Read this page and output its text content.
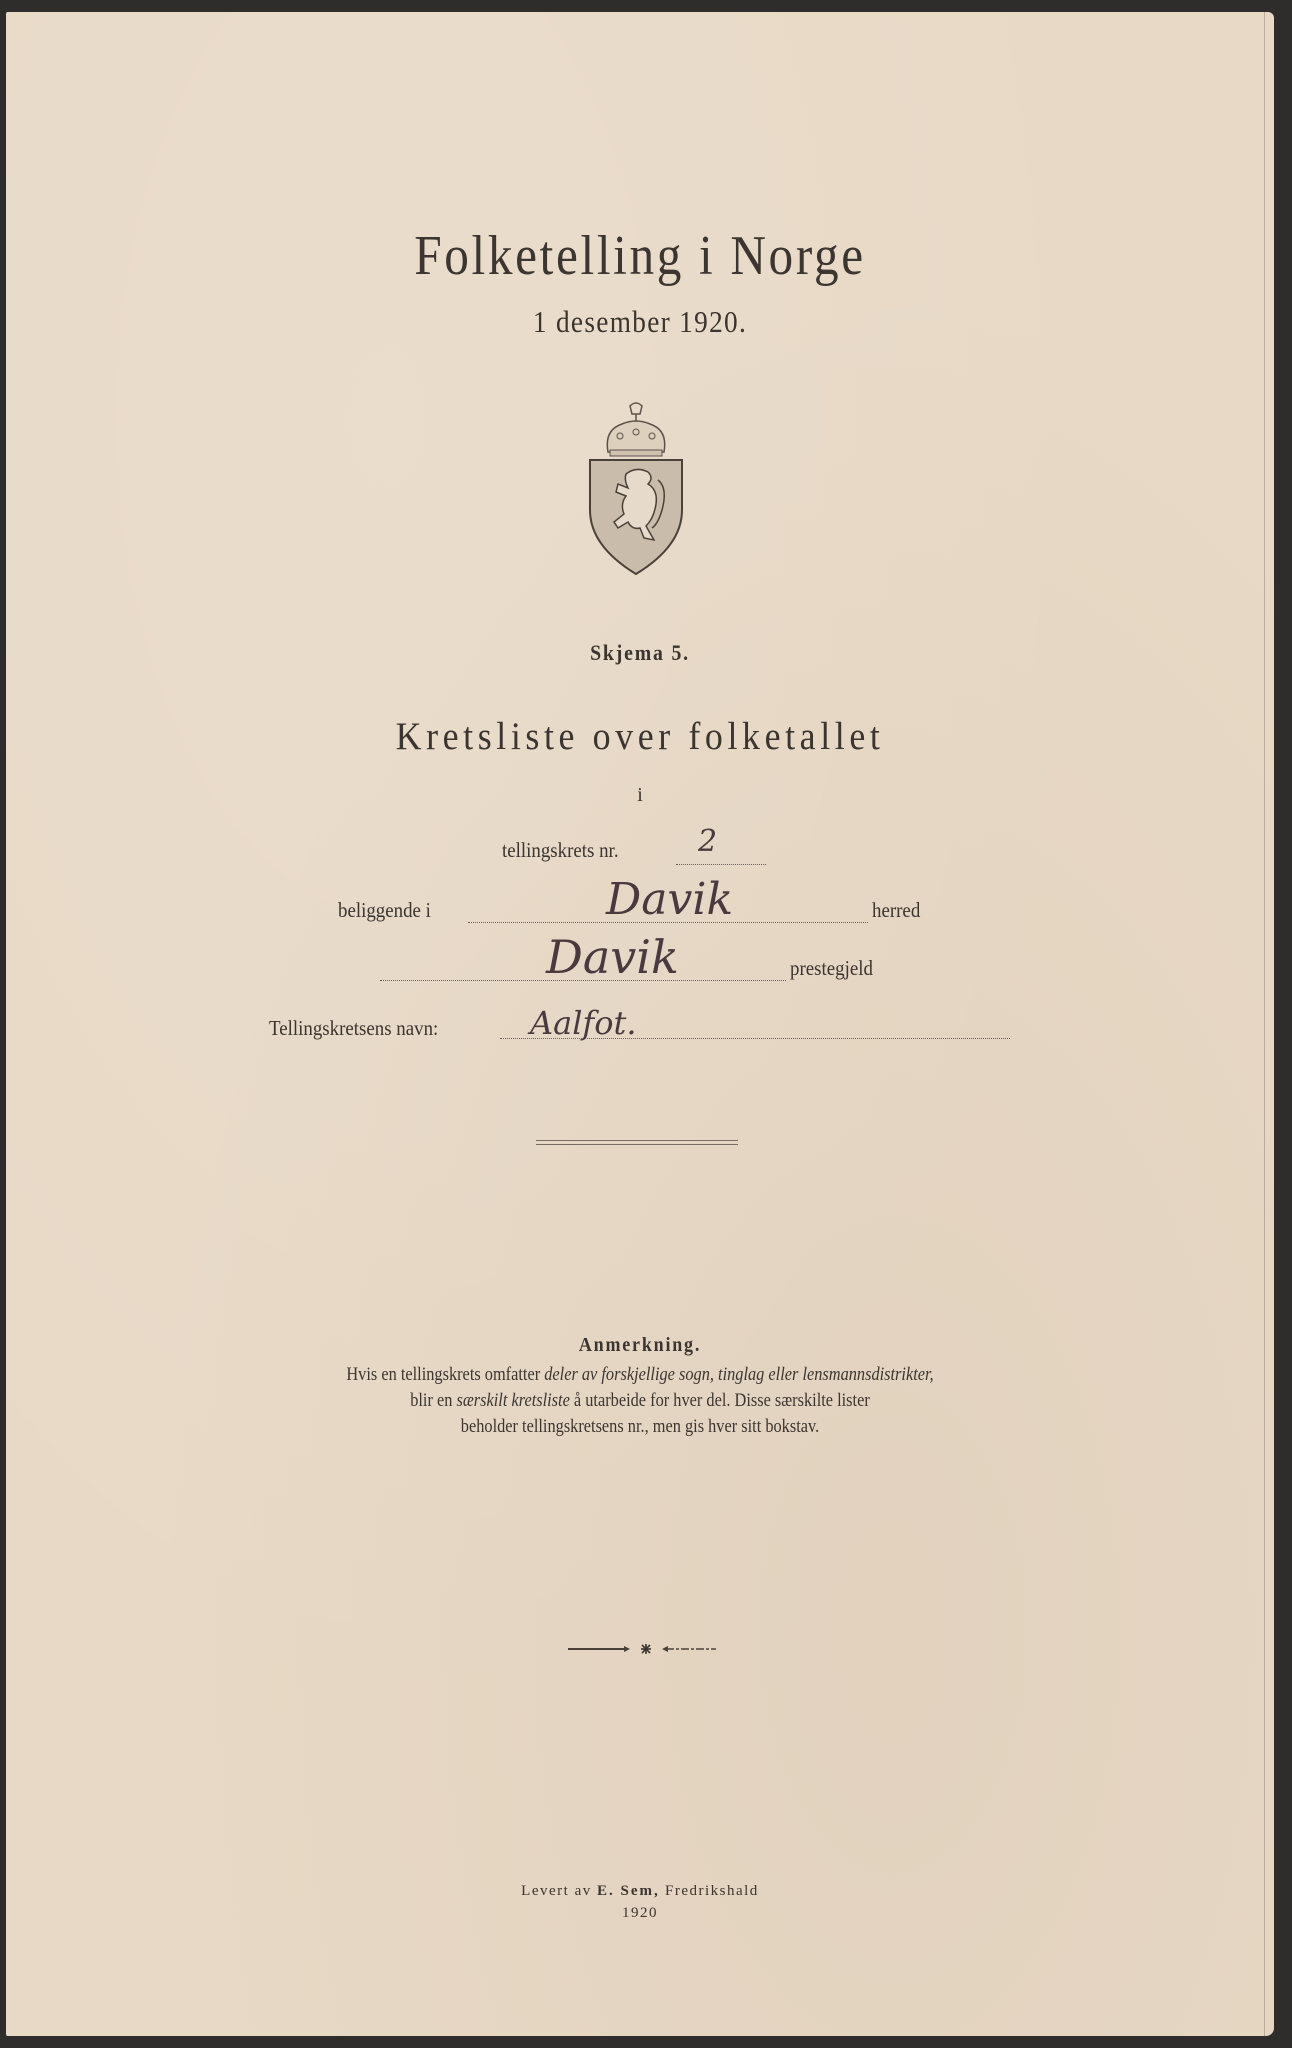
Folketelling i Norge
1 desember 1920.
Skjema 5.
Kretsliste over folketallet
i
tellingskrets nr.	2
beliggende i	Davik	herred
Davik	prestegjeld
Tellingskretsens navn:	Aalfot.
Anmerkning.
Hvis en tellingskrets omfatter deler av forskjellige sogn, tinglag eller lensmannsdistrikter,
blir en særskilt kretsliste å utarbeide for hver del. Disse særskilte lister
beholder tellingskretsens nr., men gis hver sitt bokstav.
Levert av E. Sem, Fredrikshald
1920
